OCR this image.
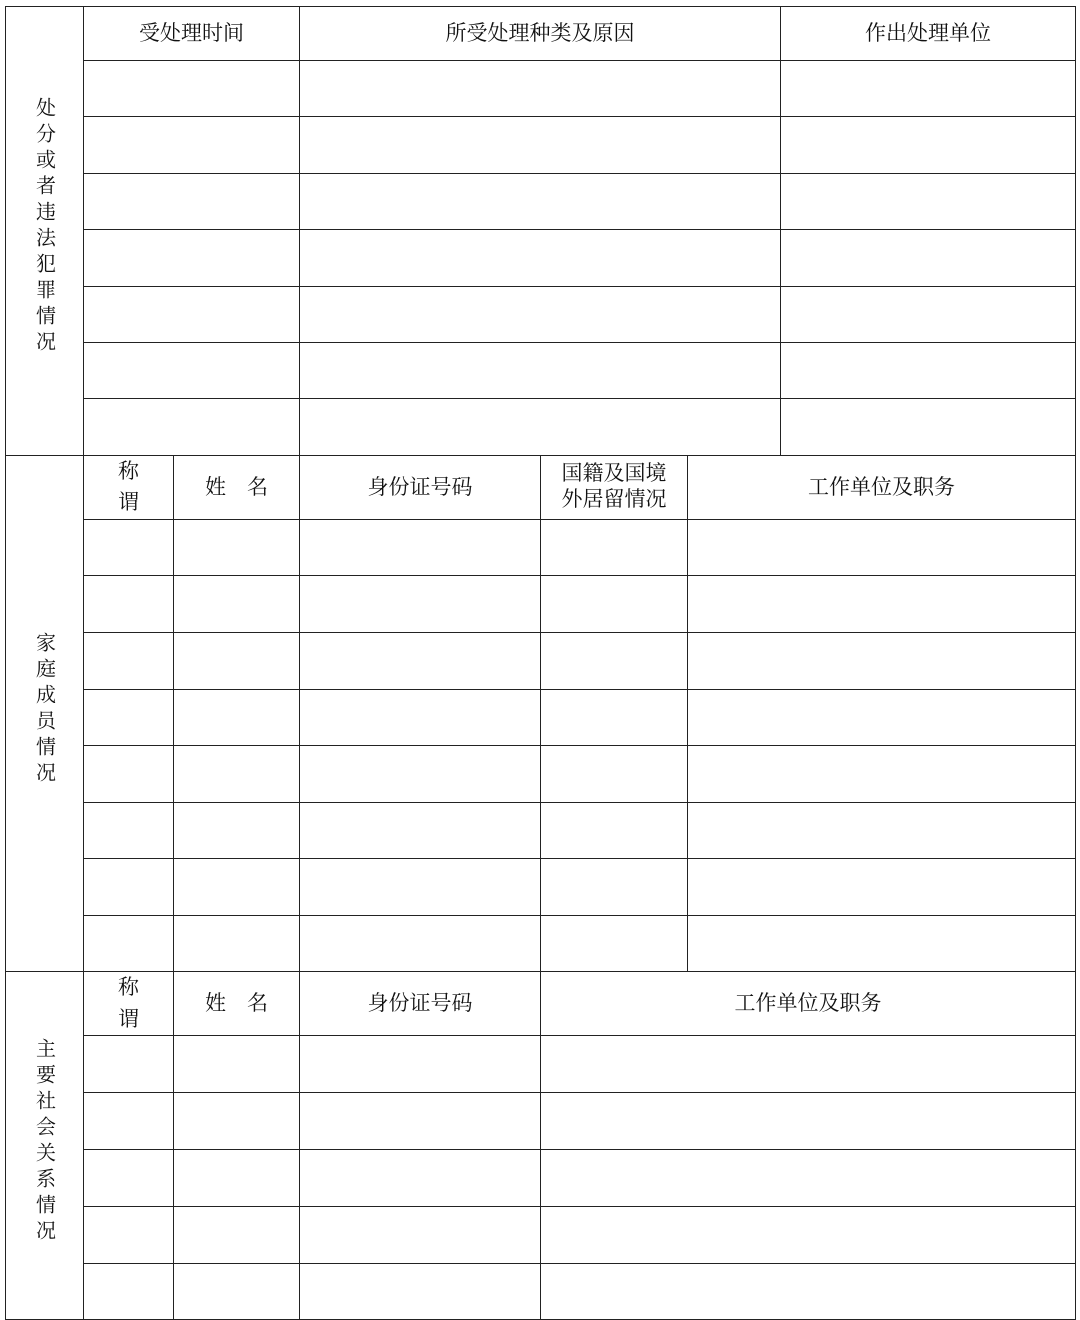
处分或者违法犯罪情况	受处理时间		所受处理种类及原因			作出处理单位

家庭成员情况	称谓	姓　名	身份证号码	国籍及国境外居留情况	工作单位及职务	

主要社会关系情况	称谓	姓　名	身份证号码	工作单位及职务		
